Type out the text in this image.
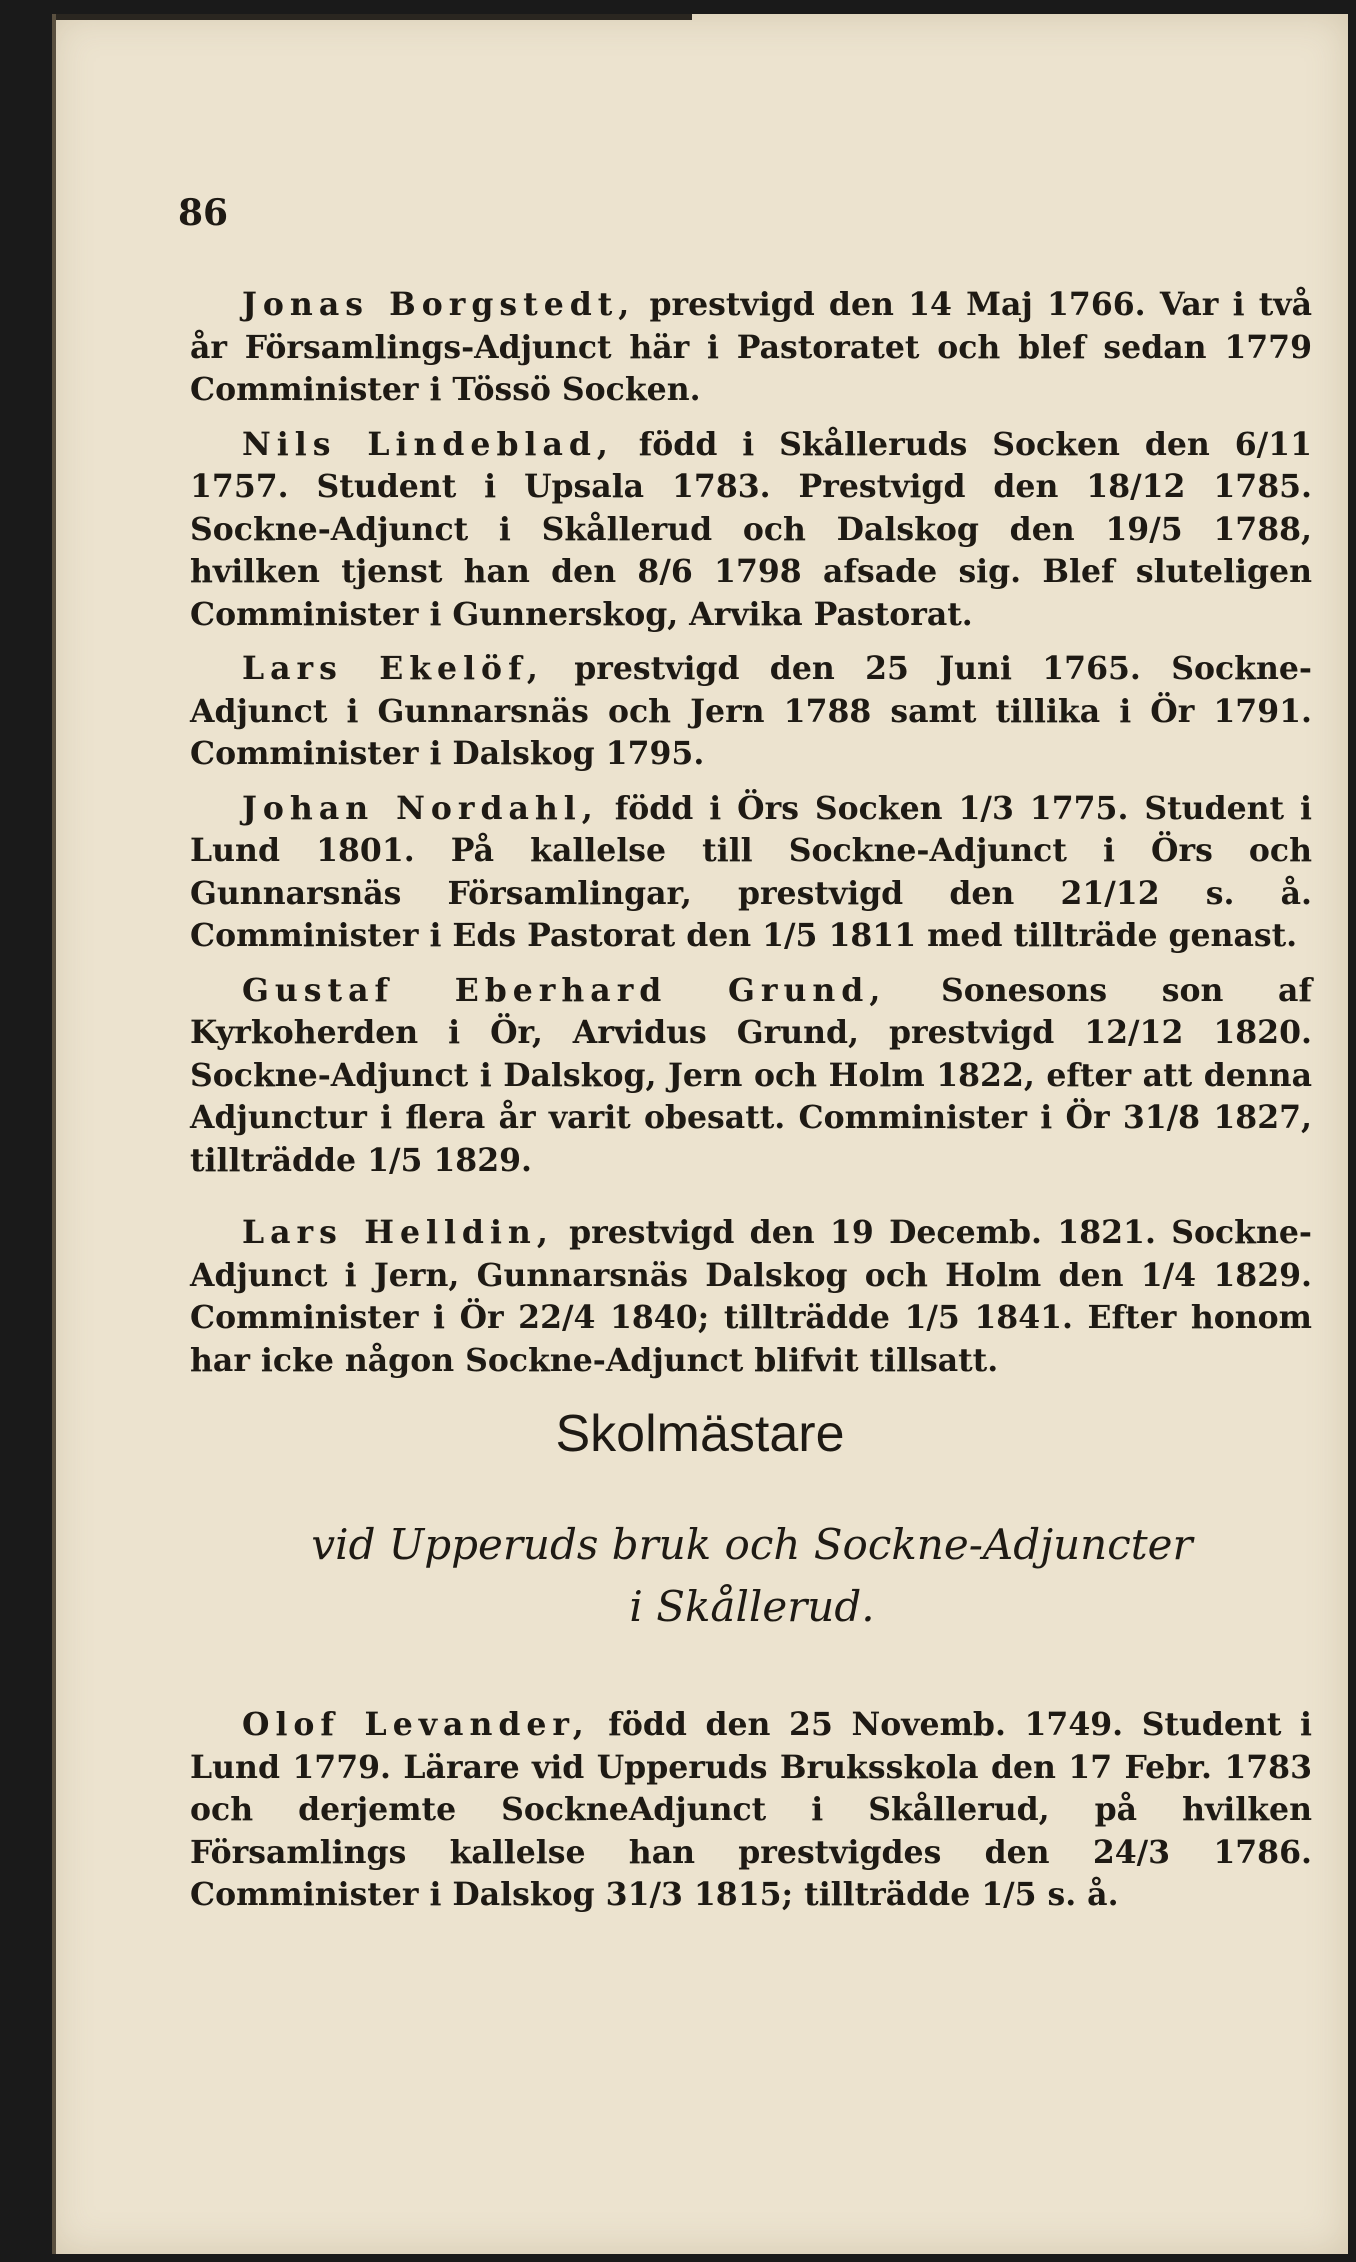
86

Jonas Borgstedt, prestvigd den 14 Maj 1766. Var i två år Församlings-Adjunct här i Pastoratet och blef sedan 1779 Comminister i Tössö Socken.

Nils Lindeblad, född i Skålleruds Socken den 6/11 1757. Student i Upsala 1783. Prestvigd den 18/12 1785. Sockne-Adjunct i Skållerud och Dalskog den 19/5 1788, hvilken tjenst han den 8/6 1798 afsade sig. Blef sluteligen Comminister i Gunnerskog, Arvika Pastorat.

Lars Ekelöf, prestvigd den 25 Juni 1765. Sockne-Adjunct i Gunnarsnäs och Jern 1788 samt tillika i Ör 1791. Comminister i Dalskog 1795.

Johan Nordahl, född i Örs Socken 1/3 1775. Student i Lund 1801. På kallelse till Sockne-Adjunct i Örs och Gunnarsnäs Församlingar, prestvigd den 21/12 s. å. Comminister i Eds Pastorat den 1/5 1811 med tillträde genast.

Gustaf Eberhard Grund, Sonesons son af Kyrkoherden i Ör, Arvidus Grund, prestvigd 12/12 1820. Sockne-Adjunct i Dalskog, Jern och Holm 1822, efter att denna Adjunctur i flera år varit obesatt. Comminister i Ör 31/8 1827, tillträdde 1/5 1829.

Lars Helldin, prestvigd den 19 Decemb. 1821. Sockne-Adjunct i Jern, Gunnarsnäs Dalskog och Holm den 1/4 1829. Comminister i Ör 22/4 1840; tillträdde 1/5 1841. Efter honom har icke någon Sockne-Adjunct blifvit tillsatt.

Skolmästare
vid Upperuds bruk och Sockne-Adjuncter
i Skållerud.

Olof Levander, född den 25 Novemb. 1749. Student i Lund 1779. Lärare vid Upperuds Bruksskola den 17 Febr. 1783 och derjemte SockneAdjunct i Skållerud, på hvilken Församlings kallelse han prestvigdes den 24/3 1786. Comminister i Dalskog 31/3 1815; tillträdde 1/5 s. å.
